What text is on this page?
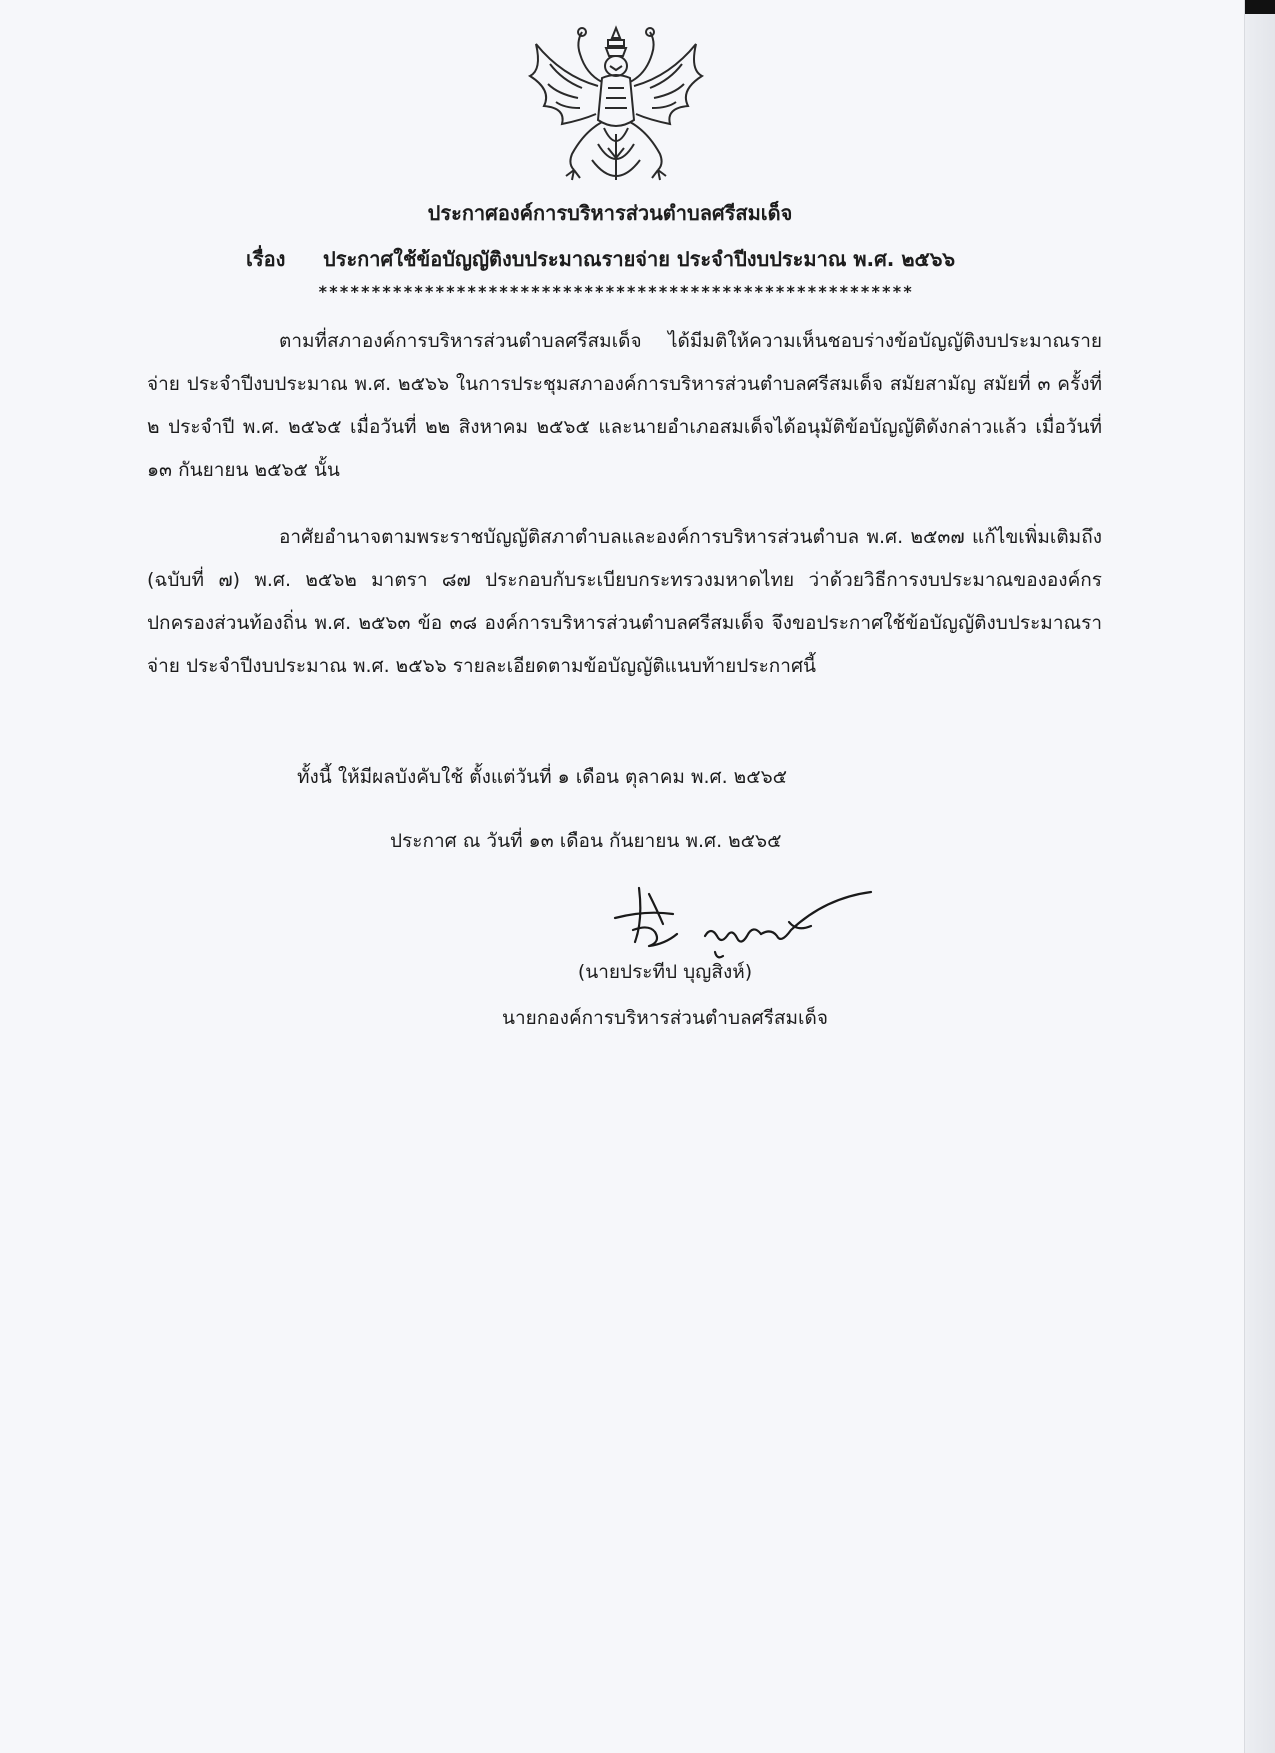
ประกาศองค์การบริหารส่วนตำบลศรีสมเด็จ
เรื่อง ประกาศใช้ข้อบัญญัติงบประมาณรายจ่าย ประจำปีงบประมาณ พ.ศ. ๒๕๖๖
********************************************************

ตามที่สภาองค์การบริหารส่วนตำบลศรีสมเด็จ ได้มีมติให้ความเห็นชอบร่างข้อบัญญัติงบประมาณรายจ่าย ประจำปีงบประมาณ พ.ศ. ๒๕๖๖ ในการประชุมสภาองค์การบริหารส่วนตำบลศรีสมเด็จ สมัยสามัญ สมัยที่ ๓ ครั้งที่ ๒ ประจำปี พ.ศ. ๒๕๖๕ เมื่อวันที่ ๒๒ สิงหาคม ๒๕๖๕ และนายอำเภอสมเด็จได้อนุมัติข้อบัญญัติดังกล่าวแล้ว เมื่อวันที่ ๑๓ กันยายน ๒๕๖๕ นั้น

อาศัยอำนาจตามพระราชบัญญัติสภาตำบลและองค์การบริหารส่วนตำบล พ.ศ. ๒๕๓๗ แก้ไขเพิ่มเติมถึง (ฉบับที่ ๗) พ.ศ. ๒๕๖๒ มาตรา ๘๗ ประกอบกับระเบียบกระทรวงมหาดไทย ว่าด้วยวิธีการงบประมาณขององค์กรปกครองส่วนท้องถิ่น พ.ศ. ๒๕๖๓ ข้อ ๓๘ องค์การบริหารส่วนตำบลศรีสมเด็จ จึงขอประกาศใช้ข้อบัญญัติงบประมาณราจ่าย ประจำปีงบประมาณ พ.ศ. ๒๕๖๖ รายละเอียดตามข้อบัญญัติแนบท้ายประกาศนี้

ทั้งนี้ ให้มีผลบังคับใช้ ตั้งแต่วันที่ ๑ เดือน ตุลาคม พ.ศ. ๒๕๖๕
ประกาศ ณ วันที่ ๑๓ เดือน กันยายน พ.ศ. ๒๕๖๕
(นายประทีป บุญสิงห์)
นายกองค์การบริหารส่วนตำบลศรีสมเด็จ
